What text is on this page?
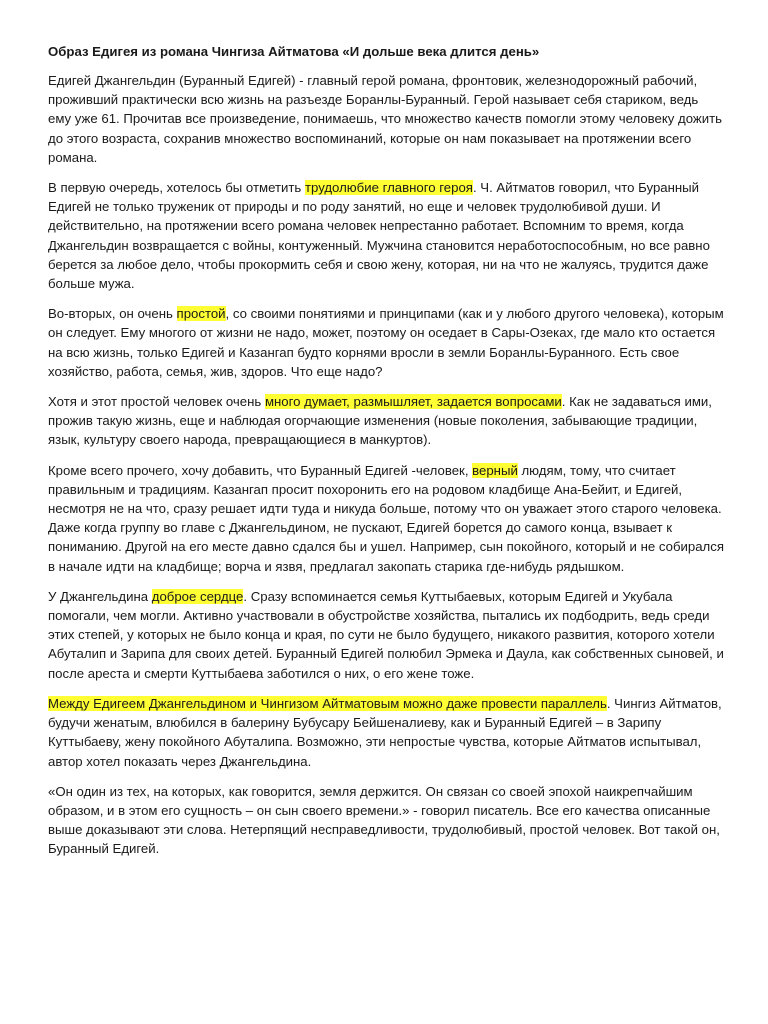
Образ Едигея из романа Чингиза Айтматова «И дольше века длится день»

Едигей Джангельдин (Буранный Едигей) - главный герой романа, фронтовик, железнодорожный рабочий, проживший практически всю жизнь на разъезде Боранлы-Буранный. Герой называет себя стариком, ведь ему уже 61. Прочитав все произведение, понимаешь, что множество качеств помогли этому человеку дожить до этого возраста, сохранив множество воспоминаний, которые он нам показывает на протяжении всего романа.

В первую очередь, хотелось бы отметить трудолюбие главного героя. Ч. Айтматов говорил, что Буранный Едигей не только труженик от природы и по роду занятий, но еще и человек трудолюбивой души. И действительно, на протяжении всего романа человек непрестанно работает. Вспомним то время, когда Джангельдин возвращается с войны, контуженный. Мужчина становится неработоспособным, но все равно берется за любое дело, чтобы прокормить себя и свою жену, которая, ни на что не жалуясь, трудится даже больше мужа.

Во-вторых, он очень простой, со своими понятиями и принципами (как и у любого другого человека), которым он следует. Ему многого от жизни не надо, может, поэтому он оседает в Сары-Озеках, где мало кто остается на всю жизнь, только Едигей и Казангап будто корнями вросли в земли Боранлы-Буранного. Есть свое хозяйство, работа, семья, жив, здоров. Что еще надо?

Хотя и этот простой человек очень много думает, размышляет, задается вопросами. Как не задаваться ими, прожив такую жизнь, еще и наблюдая огорчающие изменения (новые поколения, забывающие традиции, язык, культуру своего народа, превращающиеся в манкуртов).

Кроме всего прочего, хочу добавить, что Буранный Едигей -человек, верный людям, тому, что считает правильным и традициям. Казангап просит похоронить его на родовом кладбище Ана-Бейит, и Едигей, несмотря не на что, сразу решает идти туда и никуда больше, потому что он уважает этого старого человека. Даже когда группу во главе с Джангельдином, не пускают, Едигей борется до самого конца, взывает к пониманию. Другой на его месте давно сдался бы и ушел. Например, сын покойного, который и не собирался в начале идти на кладбище; ворча и язвя, предлагал закопать старика где-нибудь рядышком.

У Джангельдина доброе сердце. Сразу вспоминается семья Куттыбаевых, которым Едигей и Укубала помогали, чем могли. Активно участвовали в обустройстве хозяйства, пытались их подбодрить, ведь среди этих степей, у которых не было конца и края, по сути не было будущего, никакого развития, которого хотели Абуталип и Зарипа для своих детей. Буранный Едигей полюбил Эрмека и Даула, как собственных сыновей, и после ареста и смерти Куттыбаева заботился о них, о его жене тоже.

Между Едигеем Джангельдином и Чингизом Айтматовым можно даже провести параллель. Чингиз Айтматов, будучи женатым, влюбился в балерину Бубусару Бейшеналиеву, как и Буранный Едигей – в Зарипу Куттыбаеву, жену покойного Абуталипа. Возможно, эти непростые чувства, которые Айтматов испытывал, автор хотел показать через Джангельдина.

«Он один из тех, на которых, как говорится, земля держится. Он связан со своей эпохой наикрепчайшим образом, и в этом его сущность – он сын своего времени.» - говорил писатель. Все его качества описанные выше доказывают эти слова. Нетерпящий несправедливости, трудолюбивый, простой человек. Вот такой он, Буранный Едигей.
